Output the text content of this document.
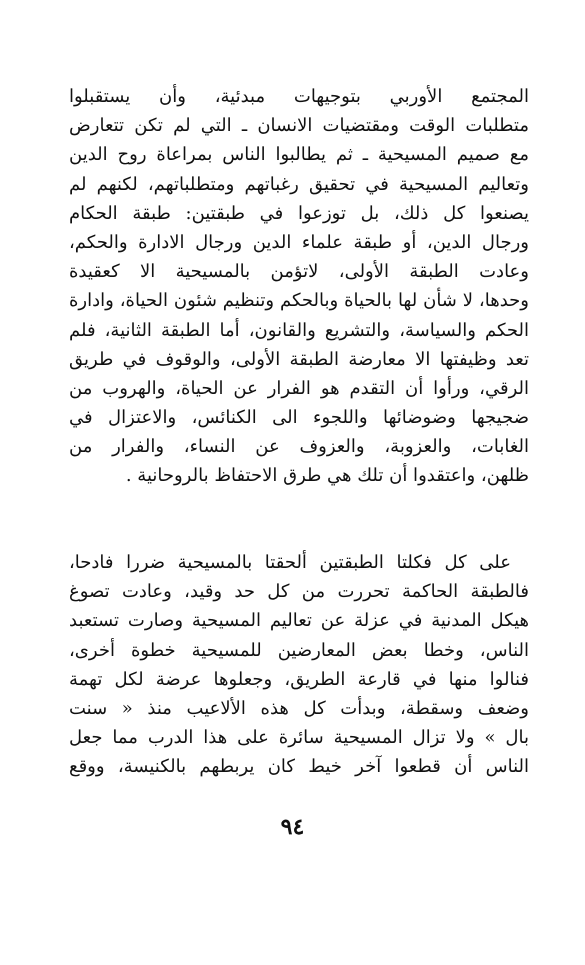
المجتمع الأوربي بتوجيهات مبدئية، وأن يستقبلوا
متطلبات الوقت ومقتضيات الانسان ـ التي لم تكن تتعارض
مع صميم المسيحية ـ ثم يطالبوا الناس بمراعاة روح الدين
وتعاليم المسيحية في تحقيق رغباتهم ومتطلباتهم، لكنهم لم
يصنعوا كل ذلك، بل توزعوا في طبقتين: طبقة الحكام
ورجال الدين، أو طبقة علماء الدين ورجال الادارة والحكم،
وعادت الطبقة الأولى، لاتؤمن بالمسيحية الا كعقيدة
وحدها، لا شأن لها بالحياة وبالحكم وتنظيم شئون الحياة، وادارة
الحكم والسياسة، والتشريع والقانون، أما الطبقة الثانية، فلم
تعد وظيفتها الا معارضة الطبقة الأولى، والوقوف في طريق
الرقي، ورأوا أن التقدم هو الفرار عن الحياة، والهروب من
ضجيجها وضوضائها واللجوء الى الكنائس، والاعتزال في
الغابات، والعزوبة، والعزوف عن النساء، والفرار من
ظلهن، واعتقدوا أن تلك هي طرق الاحتفاظ بالروحانية .
على كل فكلتا الطبقتين ألحقتا بالمسيحية ضررا فادحا،
فالطبقة الحاكمة تحررت من كل حد وقيد، وعادت تصوغ
هيكل المدنية في عزلة عن تعاليم المسيحية وصارت تستعبد
الناس، وخطا بعض المعارضين للمسيحية خطوة أخرى،
فنالوا منها في قارعة الطريق، وجعلوها عرضة لكل تهمة
وضعف وسقطة، وبدأت كل هذه الألاعيب منذ « سنت
بال » ولا تزال المسيحية سائرة على هذا الدرب مما جعل
الناس أن قطعوا آخر خيط كان يربطهم بالكنيسة، ووقع
٩٤
